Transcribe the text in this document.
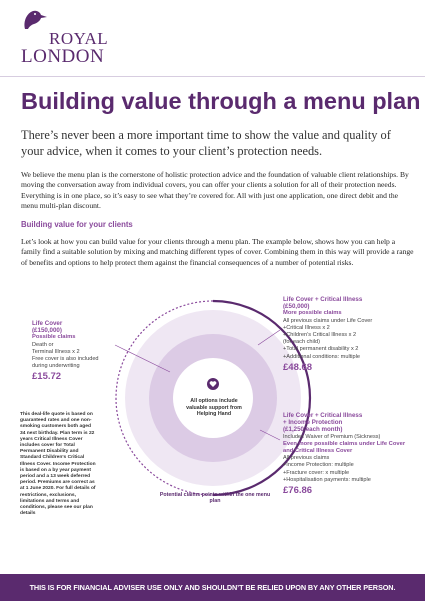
ROYAL
LONDON
Building value through a menu plan
There’s never been a more important time to show the value and quality of your advice, when it comes to your client’s protection needs.
We believe the menu plan is the cornerstone of holistic protection advice and the foundation of valuable client relationships. By moving the conversation away from individual covers, you can offer your clients a solution for all of their protection needs. Everything is in one place, so it’s easy to see what they’re covered for. All with just one application, one direct debit and the menu multi-plan discount.
Building value for your clients
Let’s look at how you can build value for your clients through a menu plan. The example below, shows how you can help a family find a suitable solution by mixing and matching different types of cover. Combining them in this way will provide a range of benefits and options to help protect them against the financial consequences of a number of potential risks.
Life Cover
(£150,000)
Possible claims
Death or
Terminal Illness x 2
Free cover is also included during underwriting
£15.72
Life Cover + Critical Illness
(£50,000)
More possible claims
All previous claims under Life Cover
+Critical Illness x 2
+Children’s Critical Illness x 2
(for each child)
+Total permanent disability x 2
+Additional conditions: multiple
£48.68
Life Cover + Critical Illness
+ Income Protection
(£1,250 each month)
Includes Waiver of Premium (Sickness)
Even more possible claims under Life Cover and Critical Illness Cover
All previous claims
+Income Protection: multiple
+Fracture cover: x multiple
+Hospitalisation payments: multiple
£76.86
This deal-life quote is based on guaranteed rates and one non-smoking customers both aged 34 next birthday. Plan term is 22 years Critical Illness Cover includes cover for Total Permanent Disability and Standard Children's Critical Illness Cover. Income Protection is based on a by year payment period and a 13 week deferred period. Premiums are correct as at 1 June 2020. For full details of restrictions, exclusions, limitations and terms and conditions, please see our plan details
All options include valuable support from Helping Hand
Potential claims points within the one menu plan
THIS IS FOR FINANCIAL ADVISER USE ONLY AND SHOULDN’T BE RELIED UPON BY ANY OTHER PERSON.
